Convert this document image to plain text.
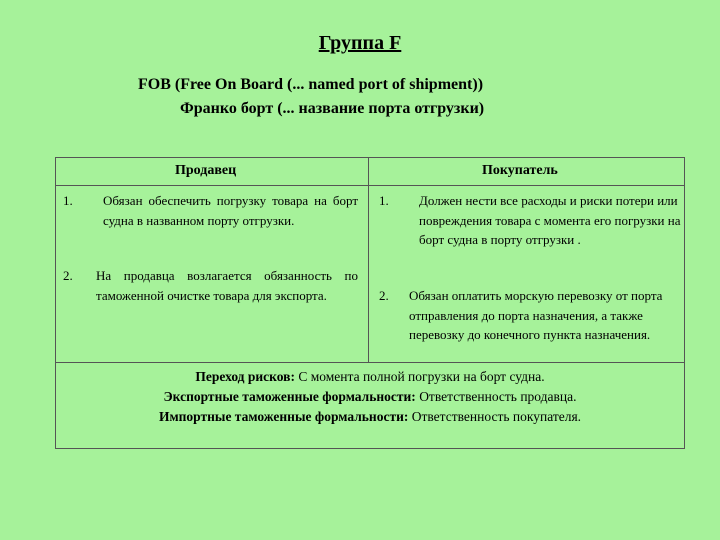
Группа F
FOB (Free On Board (... named port of shipment))
Франко борт (... название порта отгрузки)
Продавец	Покупатель
1. Обязан обеспечить погрузку товара на борт судна в названном порту отгрузки.
2. На продавца возлагается обязанность по таможенной очистке товара для экспорта.
1. Должен нести все расходы и риски потери или повреждения товара с момента его погрузки на борт судна в порту отгрузки .
2. Обязан оплатить морскую перевозку от порта отправления до порта назначения, а также перевозку до конечного пункта назначения.
Переход рисков: С момента полной погрузки на борт судна.
Экспортные таможенные формальности: Ответственность продавца.
Импортные таможенные формальности: Ответственность покупателя.
